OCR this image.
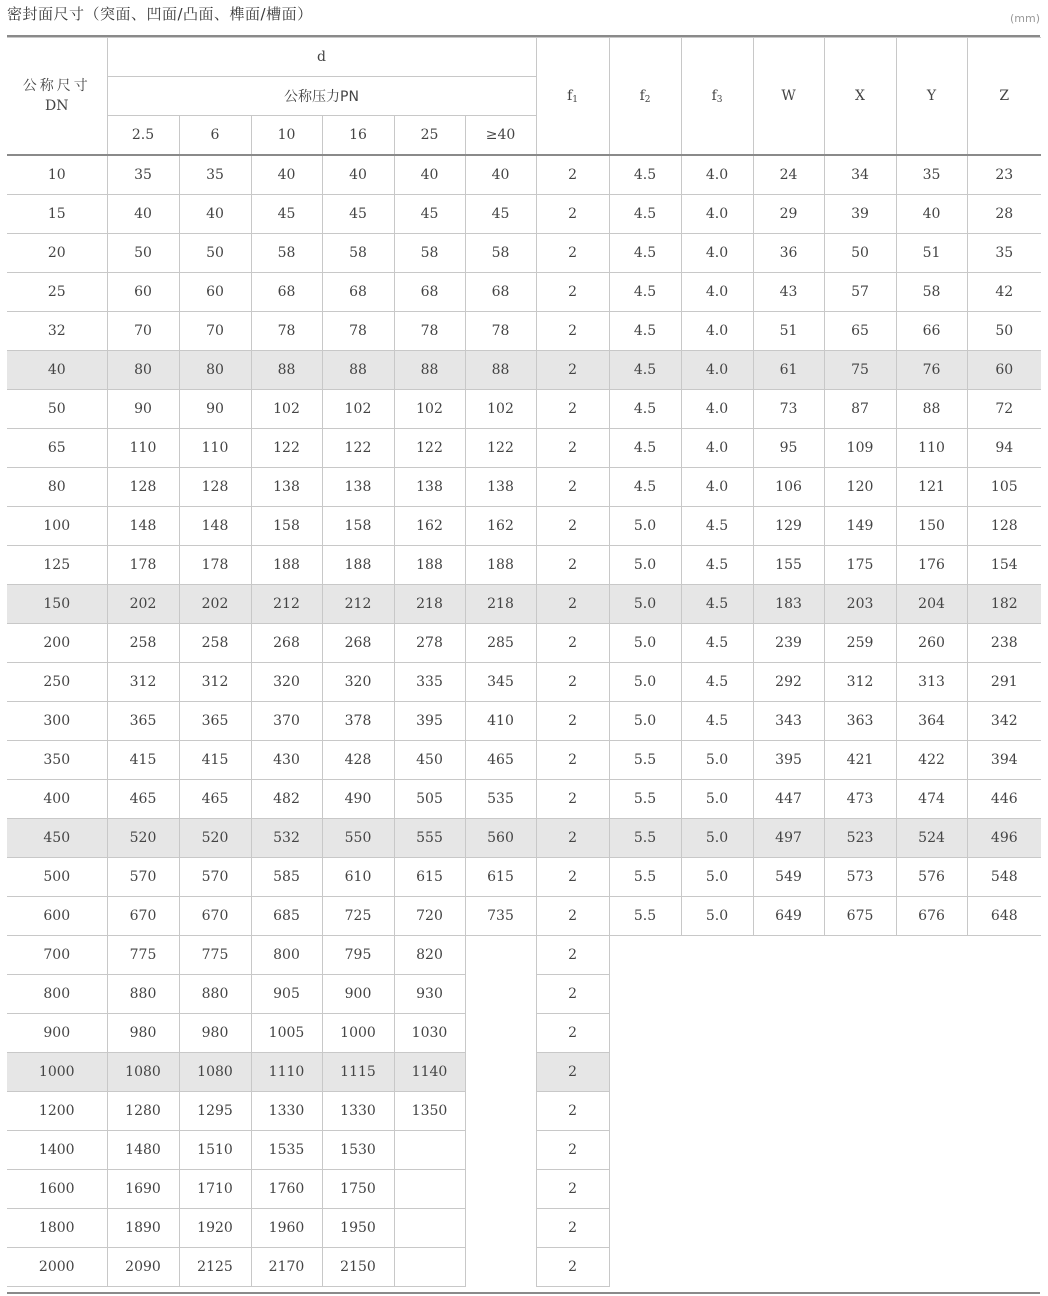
密封面尺寸（突面、凹面/凸面、榫面/槽面）	(mm)
公称尺寸
DN	d						$f_1$	$f_2$	$f_3$	W	X	Y	Z
	公称压力PN												
	2.5	6	10	16	25	≥40							
10	35	35	40	40	40	40	2	4.5	4.0	24	34	35	23
15	40	40	45	45	45	45	2	4.5	4.0	29	39	40	28
20	50	50	58	58	58	58	2	4.5	4.0	36	50	51	35
25	60	60	68	68	68	68	2	4.5	4.0	43	57	58	42
32	70	70	78	78	78	78	2	4.5	4.0	51	65	66	50
40	80	80	88	88	88	88	2	4.5	4.0	61	75	76	60
50	90	90	102	102	102	102	2	4.5	4.0	73	87	88	72
65	110	110	122	122	122	122	2	4.5	4.0	95	109	110	94
80	128	128	138	138	138	138	2	4.5	4.0	106	120	121	105
100	148	148	158	158	162	162	2	5.0	4.5	129	149	150	128
125	178	178	188	188	188	188	2	5.0	4.5	155	175	176	154
150	202	202	212	212	218	218	2	5.0	4.5	183	203	204	182
200	258	258	268	268	278	285	2	5.0	4.5	239	259	260	238
250	312	312	320	320	335	345	2	5.0	4.5	292	312	313	291
300	365	365	370	378	395	410	2	5.0	4.5	343	363	364	342
350	415	415	430	428	450	465	2	5.5	5.0	395	421	422	394
400	465	465	482	490	505	535	2	5.5	5.0	447	473	474	446
450	520	520	532	550	555	560	2	5.5	5.0	497	523	524	496
500	570	570	585	610	615	615	2	5.5	5.0	549	573	576	548
600	670	670	685	725	720	735	2	5.5	5.0	649	675	676	648
700	775	775	800	795	820		2						
800	880	880	905	900	930		2						
900	980	980	1005	1000	1030		2						
1000	1080	1080	1110	1115	1140		2						
1200	1280	1295	1330	1330	1350		2						
1400	1480	1510	1535	1530			2						
1600	1690	1710	1760	1750			2						
1800	1890	1920	1960	1950			2						
2000	2090	2125	2170	2150			2						
